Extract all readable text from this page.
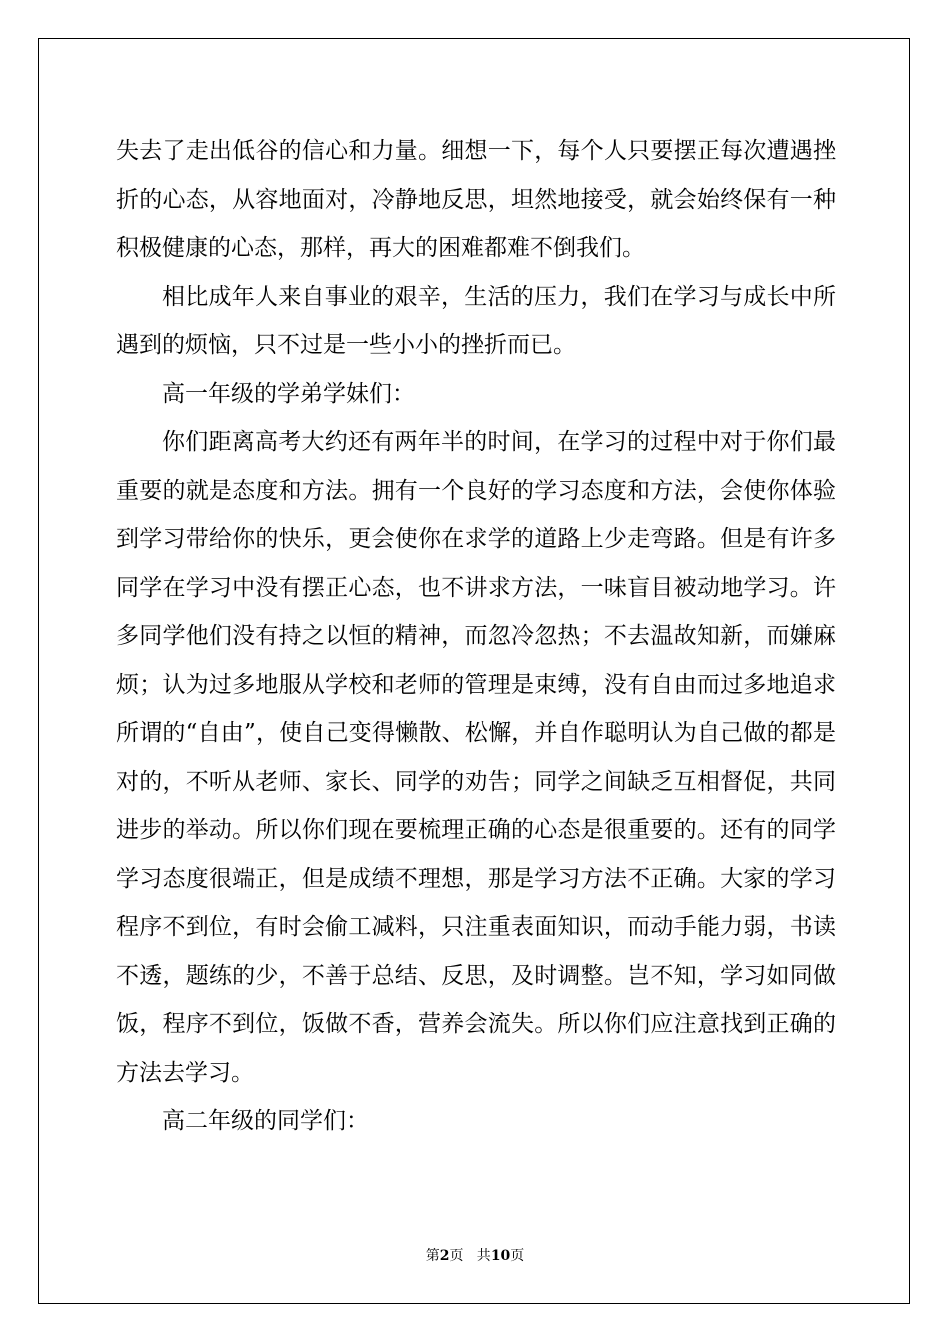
失去了走出低谷的信心和力量。细想一下，每个人只要摆正每次遭遇挫折的心态，从容地面对，冷静地反思，坦然地接受，就会始终保有一种积极健康的心态，那样，再大的困难都难不倒我们。
相比成年人来自事业的艰辛，生活的压力，我们在学习与成长中所遇到的烦恼，只不过是一些小小的挫折而已。
高一年级的学弟学妹们：
你们距离高考大约还有两年半的时间，在学习的过程中对于你们最重要的就是态度和方法。拥有一个良好的学习态度和方法，会使你体验到学习带给你的快乐，更会使你在求学的道路上少走弯路。但是有许多同学在学习中没有摆正心态，也不讲求方法，一味盲目被动地学习。许多同学他们没有持之以恒的精神，而忽冷忽热；不去温故知新，而嫌麻烦；认为过多地服从学校和老师的管理是束缚，没有自由而过多地追求所谓的“自由”，使自己变得懒散、松懈，并自作聪明认为自己做的都是对的，不听从老师、家长、同学的劝告；同学之间缺乏互相督促，共同进步的举动。所以你们现在要梳理正确的心态是很重要的。还有的同学学习态度很端正，但是成绩不理想，那是学习方法不正确。大家的学习程序不到位，有时会偷工减料，只注重表面知识，而动手能力弱，书读不透，题练的少，不善于总结、反思，及时调整。岂不知，学习如同做饭，程序不到位，饭做不香，营养会流失。所以你们应注意找到正确的方法去学习。
高二年级的同学们：
第2页   共10页
